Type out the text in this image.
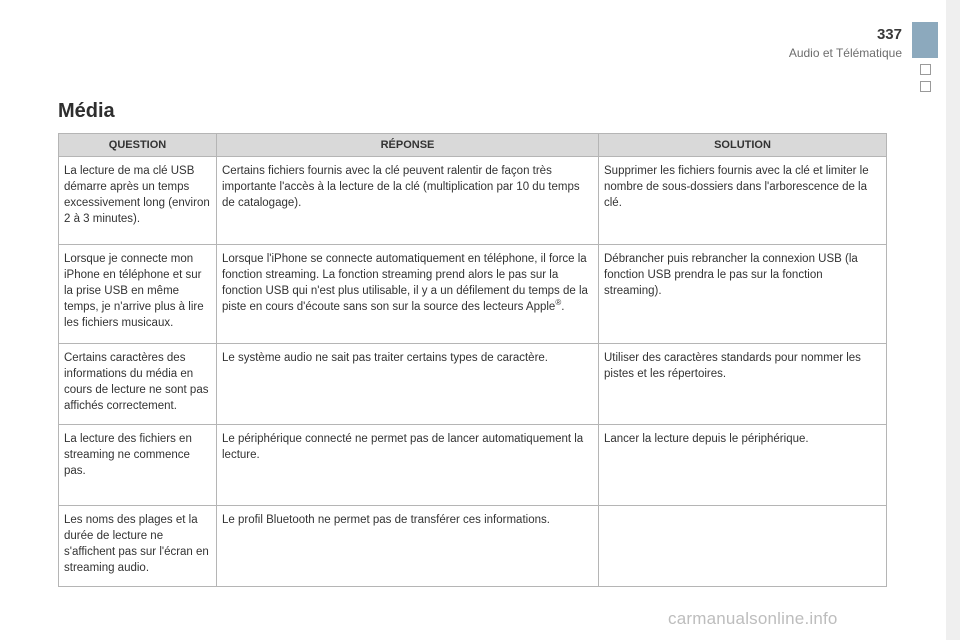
337
Audio et Télématique
Média
QUESTION	RÉPONSE	SOLUTION
La lecture de ma clé USB démarre après un temps excessivement long (environ 2 à 3 minutes).	Certains fichiers fournis avec la clé peuvent ralentir de façon très importante l'accès à la lecture de la clé (multiplication par 10 du temps de catalogage).	Supprimer les fichiers fournis avec la clé et limiter le nombre de sous-dossiers dans l'arborescence de la clé.
Lorsque je connecte mon iPhone en téléphone et sur la prise USB en même temps, je n'arrive plus à lire les fichiers musicaux.	Lorsque l'iPhone se connecte automatiquement en téléphone, il force la fonction streaming. La fonction streaming prend alors le pas sur la fonction USB qui n'est plus utilisable, il y a un défilement du temps de la piste en cours d'écoute sans son sur la source des lecteurs Apple®.	Débrancher puis rebrancher la connexion USB (la fonction USB prendra le pas sur la fonction streaming).
Certains caractères des informations du média en cours de lecture ne sont pas affichés correctement.	Le système audio ne sait pas traiter certains types de caractère.	Utiliser des caractères standards pour nommer les pistes et les répertoires.
La lecture des fichiers en streaming ne commence pas.	Le périphérique connecté ne permet pas de lancer automatiquement la lecture.	Lancer la lecture depuis le périphérique.
Les noms des plages et la durée de lecture ne s'affichent pas sur l'écran en streaming audio.	Le profil Bluetooth ne permet pas de transférer ces informations.	
carmanualsonline.info
